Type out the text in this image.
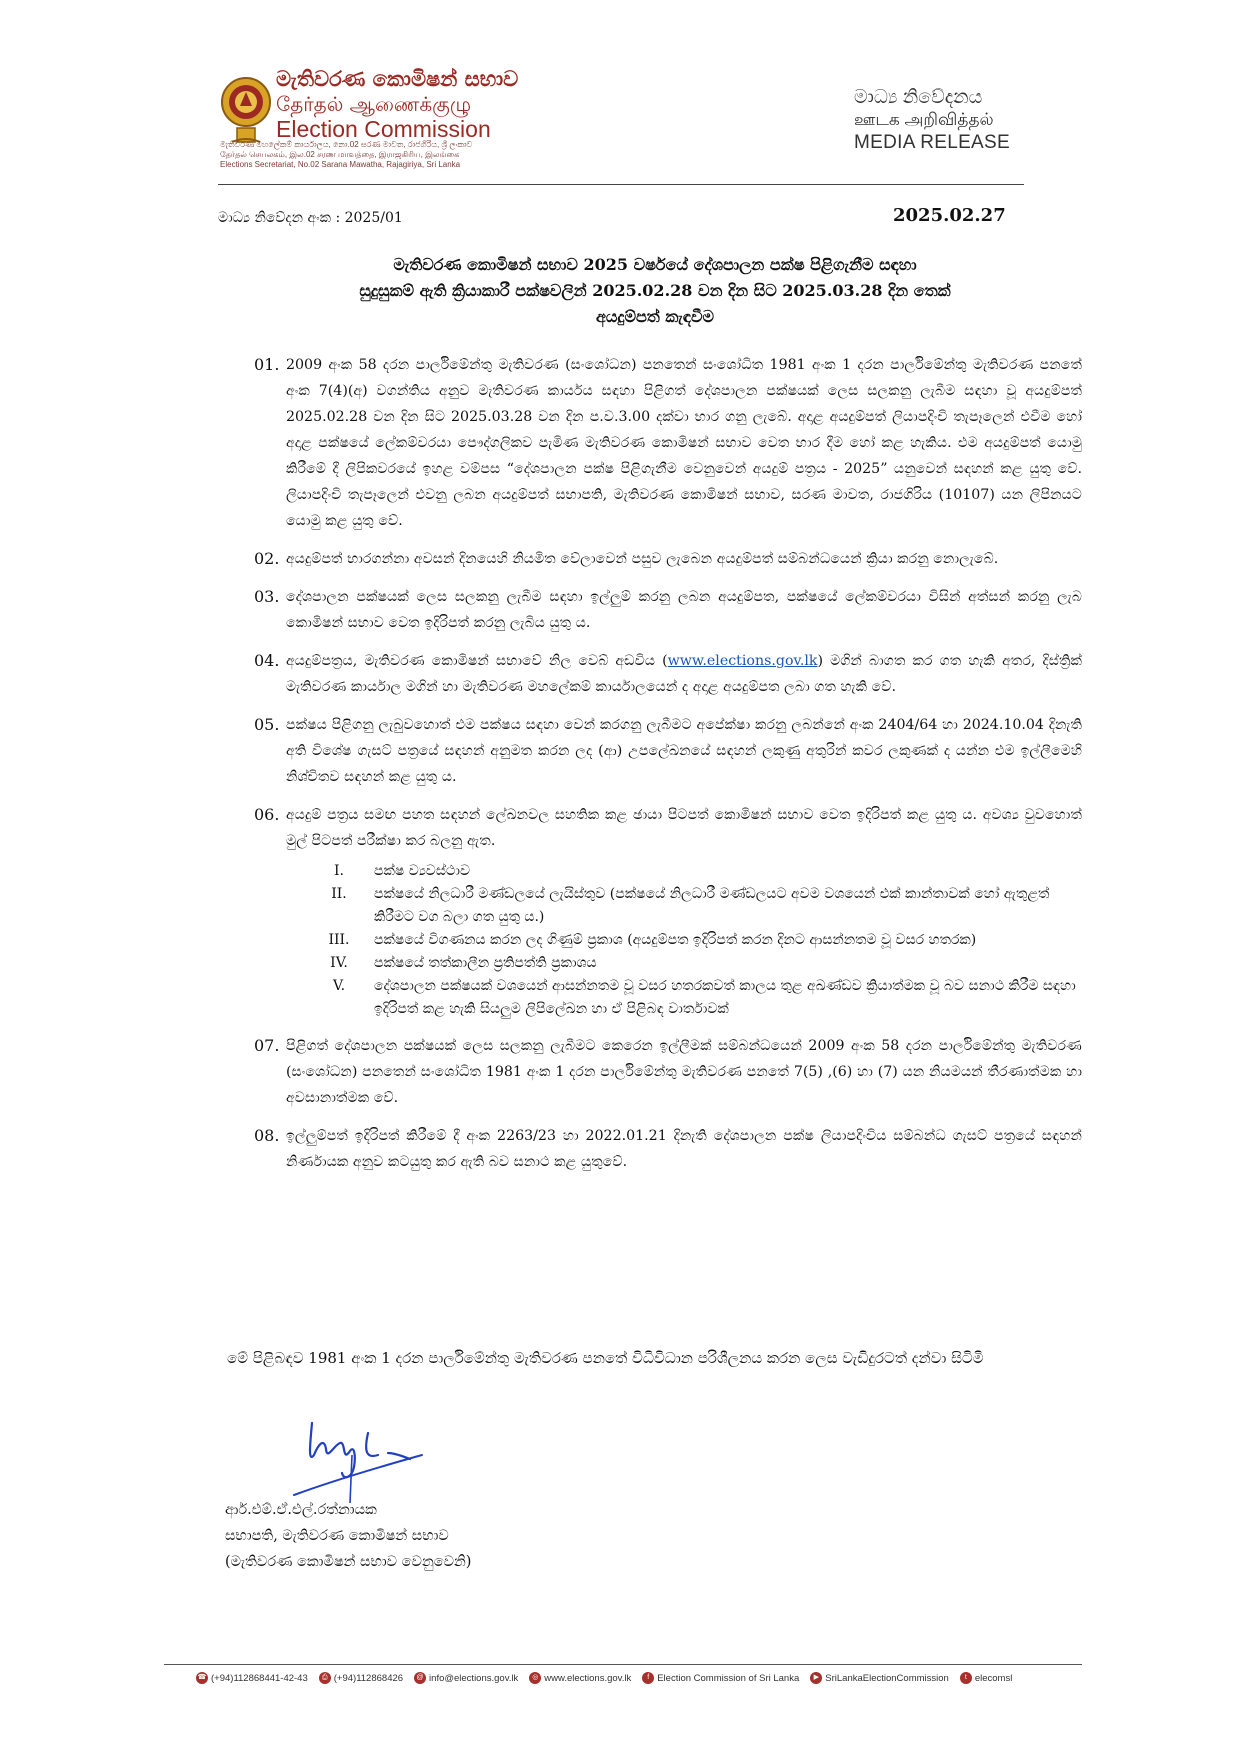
මැතිවරණ කොමිෂන් සභාව
தேர்தல் ஆணைக்குழு
Election Commission
මැතිවරණ මහලේකම් කාර්යාලය, නො.02 සරණ මාවත, රාජගිරිය, ශ්‍රී ලංකාව
தேர்தல் செயலகம், இல.02 சரண மாவத்தை, இராஜகிரிய, இலங்கை
Elections Secretariat, No.02 Sarana Mawatha, Rajagiriya, Sri Lanka
මාධ්‍ය නිවේදනය
ஊடக அறிவித்தல்
MEDIA RELEASE
මාධ්‍ය නිවේදන අංක : 2025/01	2025.02.27
මැතිවරණ කොමිෂන් සභාව 2025 වර්ෂයේ දේශපාලන පක්ෂ පිළිගැනීම සඳහා
සුදුසුකම් ඇති ක්‍රියාකාරී පක්ෂවලින් 2025.02.28 වන දින සිට 2025.03.28 දින තෙක්
අයදුම්පත් කැඳවීම
01. 2009 අංක 58 දරන පාර්ලිමේන්තු මැතිවරණ (සංශෝධන) පනතෙන් සංශෝධිත 1981 අංක 1 දරන පාර්ලිමේන්තු මැතිවරණ පනතේ අංක 7(4)(අ) වගන්තිය අනුව මැතිවරණ කාර්යය සඳහා පිළිගත් දේශපාලන පක්ෂයක් ලෙස සලකනු ලැබීම සඳහා වූ අයදුම්පත් 2025.02.28 වන දින සිට 2025.03.28 වන දින ප.ව.3.00 දක්වා භාර ගනු ලැබේ. අදාළ අයදුම්පත් ලියාපදිංචි තැපෑලෙන් එවීම හෝ අදාළ පක්ෂයේ ලේකම්වරයා පෞද්ගලිකව පැමිණ මැතිවරණ කොමිෂන් සභාව වෙත භාර දීම හෝ කළ හැකිය. එම අයදුම්පත් යොමු කිරීමේ දී ලිපිකවරයේ ඉහළ වම්පස “දේශපාලන පක්ෂ පිළිගැනීම වෙනුවෙන් අයදුම් පත්‍රය - 2025” යනුවෙන් සඳහන් කළ යුතු වේ. ලියාපදිංචි තැපෑලෙන් එවනු ලබන අයදුම්පත් සභාපති, මැතිවරණ කොමිෂන් සභාව, සරණ මාවත, රාජගිරිය (10107) යන ලිපිනයට යොමු කළ යුතු වේ.
02. අයදුම්පත් භාරගන්නා අවසන් දිනයෙහි නියමිත වේලාවෙන් පසුව ලැබෙන අයදුම්පත් සම්බන්ධයෙන් ක්‍රියා කරනු නොලැබේ.
03. දේශපාලන පක්ෂයක් ලෙස සලකනු ලැබීම සඳහා ඉල්ලුම් කරනු ලබන අයදුම්පත, පක්ෂයේ ලේකම්වරයා විසින් අත්සන් කරනු ලැබ කොමිෂන් සභාව වෙත ඉදිරිපත් කරනු ලැබිය යුතු ය.
04. අයදුම්පත්‍රය, මැතිවරණ කොමිෂන් සභාවේ නිල වෙබ් අඩවිය (www.elections.gov.lk) මගින් බාගත කර ගත හැකි අතර, දිස්ත්‍රික් මැතිවරණ කාර්යාල මගින් හා මැතිවරණ මහලේකම් කාර්යාලයෙන් ද අදාළ අයදුම්පත ලබා ගත හැකි වේ.
05. පක්ෂය පිළිගනු ලැබුවහොත් එම පක්ෂය සඳහා වෙන් කරගනු ලැබීමට අපේක්ෂා කරනු ලබන්නේ අංක 2404/64 හා 2024.10.04 දිනැති අති විශේෂ ගැසට් පත්‍රයේ සඳහන් අනුමත කරන ලද (ආ) උපලේඛනයේ සඳහන් ලකුණු අතුරින් කවර ලකුණක් ද යන්න එම ඉල්ලීමෙහි නිශ්චිතව සඳහන් කළ යුතු ය.
06. අයදුම් පත්‍රය සමඟ පහත සඳහන් ලේඛනවල සහතික කළ ඡායා පිටපත් කොමිෂන් සභාව වෙත ඉදිරිපත් කළ යුතු ය. අවශ්‍ය වුවහොත් මුල් පිටපත් පරීක්ෂා කර බලනු ඇත.
I.	පක්ෂ ව්‍යවස්ථාව
II.	පක්ෂයේ නිලධාරී මණ්ඩලයේ ලැයිස්තුව (පක්ෂයේ නිලධාරී මණ්ඩලයට අවම වශයෙන් එක් කාන්තාවක් හෝ ඇතුළත් කිරීමට වග බලා ගත යුතු ය.)
III. පක්ෂයේ විගණනය කරන ලද ගිණුම් ප්‍රකාශ (අයදුම්පත ඉදිරිපත් කරන දිනට ආසන්නතම වූ වසර හතරක)
IV. පක්ෂයේ තත්කාලීන ප්‍රතිපත්ති ප්‍රකාශය
V.	දේශපාලන පක්ෂයක් වශයෙන් ආසන්නතම වූ වසර හතරකවත් කාලය තුළ අඛණ්ඩව ක්‍රියාත්මක වූ බව සනාථ කිරීම සඳහා ඉදිරිපත් කළ හැකි සියලුම ලිපිලේඛන හා ඒ පිළිබඳ වාර්තාවක්
07. පිළිගත් දේශපාලන පක්ෂයක් ලෙස සලකනු ලැබීමට කෙරෙන ඉල්ලීමක් සම්බන්ධයෙන් 2009 අංක 58 දරන පාර්ලිමේන්තු මැතිවරණ (සංශෝධන) පනතෙන් සංශෝධිත 1981 අංක 1 දරන පාර්ලිමේන්තු මැතිවරණ පනතේ 7(5) ,(6) හා (7) යන නියමයන් තීරණාත්මක හා අවසානාත්මක වේ.
08. ඉල්ලුම්පත් ඉදිරිපත් කිරීමේ දී අංක 2263/23 හා 2022.01.21 දිනැති දේශපාලන පක්ෂ ලියාපදිංචිය සම්බන්ධ ගැසට් පත්‍රයේ සඳහන් නිර්ණායක අනුව කටයුතු කර ඇති බව සනාථ කළ යුතුවේ.
මේ පිළිබඳව 1981 අංක 1 දරන පාර්ලිමේන්තු මැතිවරණ පනතේ විධිවිධාන පරිශීලනය කරන ලෙස වැඩිදුරටත් දන්වා සිටිමි
ආර්.එම්.ඒ.එල්.රත්නායක
සභාපති, මැතිවරණ කොමිෂන් සභාව
(මැතිවරණ කොමිෂන් සභාව වෙනුවෙනි)
☎ (+94)112868441-42-43	⎙ (+94)112868426	@ info@elections.gov.lk	◎ www.elections.gov.lk	f Election Commission of Sri Lanka	▶ SriLankaElectionCommission	t elecomsl
